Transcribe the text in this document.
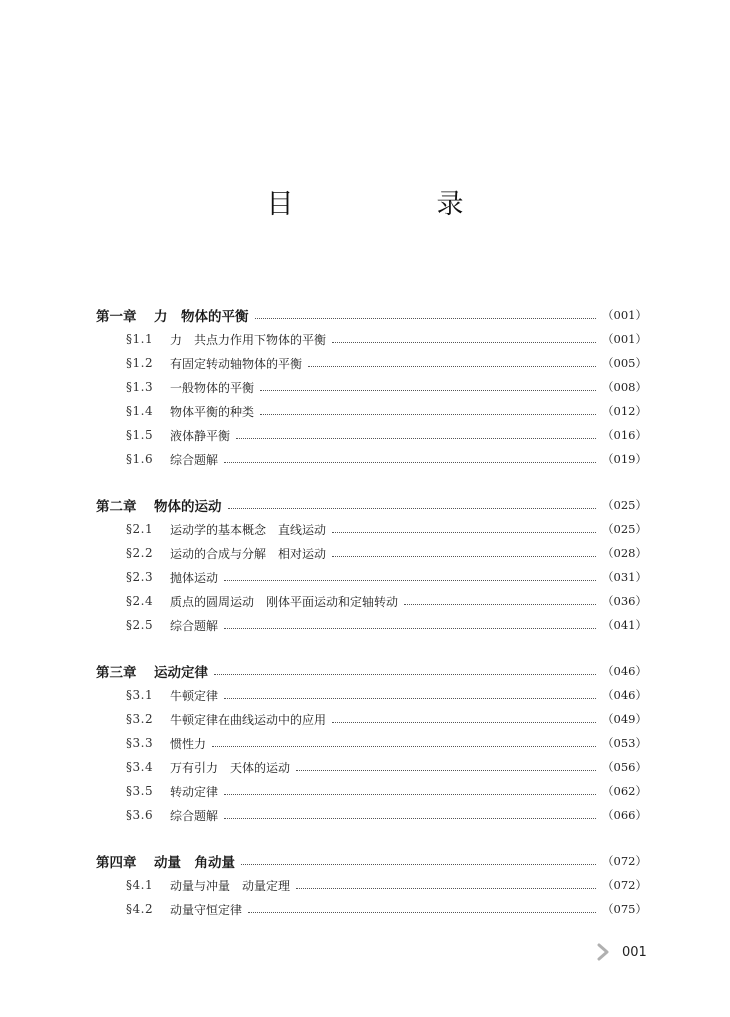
目　录
第一章	力　物体的平衡	（001）
§1.1	力　共点力作用下物体的平衡	（001）
§1.2	有固定转动轴物体的平衡	（005）
§1.3	一般物体的平衡	（008）
§1.4	物体平衡的种类	（012）
§1.5	液体静平衡	（016）
§1.6	综合题解	（019）
第二章	物体的运动	（025）
§2.1	运动学的基本概念　直线运动	（025）
§2.2	运动的合成与分解　相对运动	（028）
§2.3	抛体运动	（031）
§2.4	质点的圆周运动　刚体平面运动和定轴转动	（036）
§2.5	综合题解	（041）
第三章	运动定律	（046）
§3.1	牛顿定律	（046）
§3.2	牛顿定律在曲线运动中的应用	（049）
§3.3	惯性力	（053）
§3.4	万有引力　天体的运动	（056）
§3.5	转动定律	（062）
§3.6	综合题解	（066）
第四章	动量　角动量	（072）
§4.1	动量与冲量　动量定理	（072）
§4.2	动量守恒定律	（075）
001
